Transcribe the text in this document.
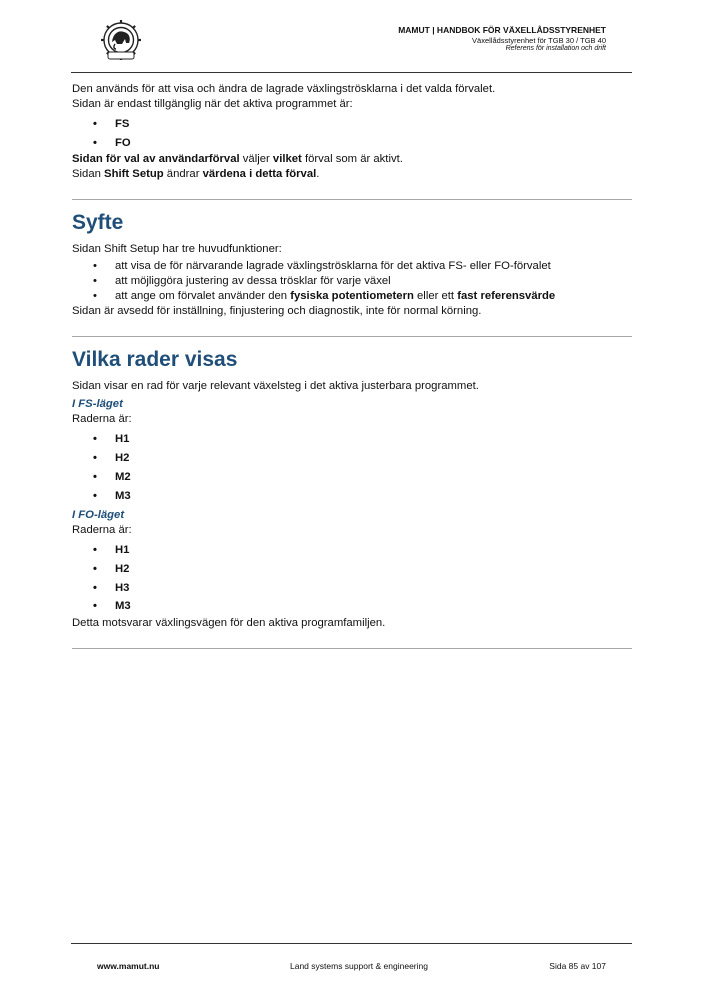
MAMUT | HANDBOK FÖR VÄXELLÅDSSTYRENHET
Växellådsstyrenhet för TGB 30 / TGB 40
Referens för installation och drift

Den används för att visa och ändra de lagrade växlingströsklarna i det valda förvalet.

Sidan är endast tillgänglig när det aktiva programmet är:

• FS
• FO

Sidan för val av användarförval väljer vilket förval som är aktivt.

Sidan Shift Setup ändrar värdena i detta förval.

Syfte

Sidan Shift Setup har tre huvudfunktioner:

• att visa de för närvarande lagrade växlingströsklarna för det aktiva FS- eller FO-förvalet
• att möjliggöra justering av dessa trösklar för varje växel
• att ange om förvalet använder den fysiska potentiometern eller ett fast referensvärde

Sidan är avsedd för inställning, finjustering och diagnostik, inte för normal körning.

Vilka rader visas

Sidan visar en rad för varje relevant växelsteg i det aktiva justerbara programmet.

I FS-läget

Raderna är:

• H1
• H2
• M2
• M3

I FO-läget

Raderna är:

• H1
• H2
• H3
• M3

Detta motsvarar växlingsvägen för den aktiva programfamiljen.

www.mamut.nu	Land systems support & engineering	Sida 85 av 107
